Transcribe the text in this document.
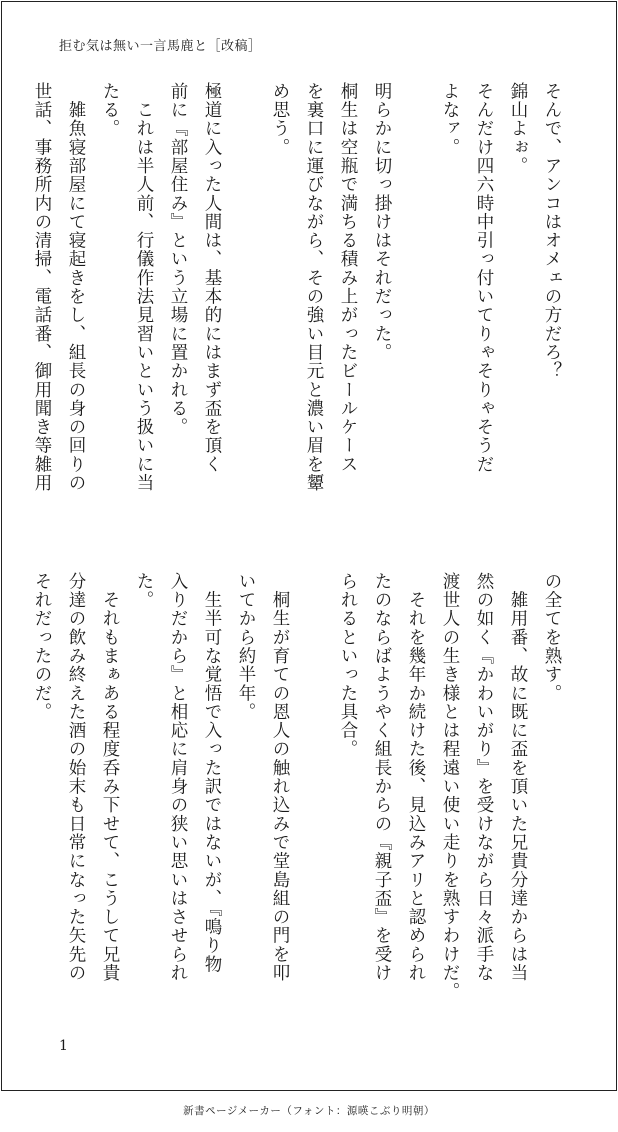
拒む気は無い一言馬鹿と［改稿］
そんで、アンコはオメェの方だろ？
錦山よぉ。
そんだけ四六時中引っ付いてりゃそりゃそうだ
よなァ。

明らかに切っ掛けはそれだった。
桐生は空瓶で満ちる積み上がったビールケース
を裏口に運びながら、その強い目元と濃い眉を顰
め思う。

極道に入った人間は、基本的にはまず盃を頂く
前に『部屋住み』という立場に置かれる。
　これは半人前、行儀作法見習いという扱いに当
たる。
　雑魚寝部屋にて寝起きをし、組長の身の回りの
世話、事務所内の清掃、電話番、御用聞き等雑用
の全てを熟す。
　雑用番、故に既に盃を頂いた兄貴分達からは当
然の如く『かわいがり』を受けながら日々派手な
渡世人の生き様とは程遠い使い走りを熟すわけだ。
　それを幾年か続けた後、見込みアリと認められ
たのならばようやく組長からの『親子盃』を受け
られるといった具合。

　桐生が育ての恩人の触れ込みで堂島組の門を叩
いてから約半年。
　生半可な覚悟で入った訳ではないが、『鳴り物
入りだから』と相応に肩身の狭い思いはさせられ
た。
　それもまぁある程度呑み下せて、こうして兄貴
分達の飲み終えた酒の始末も日常になった矢先の
それだったのだ。
1
新書ページメーカー（フォント：源暎こぶり明朝）
